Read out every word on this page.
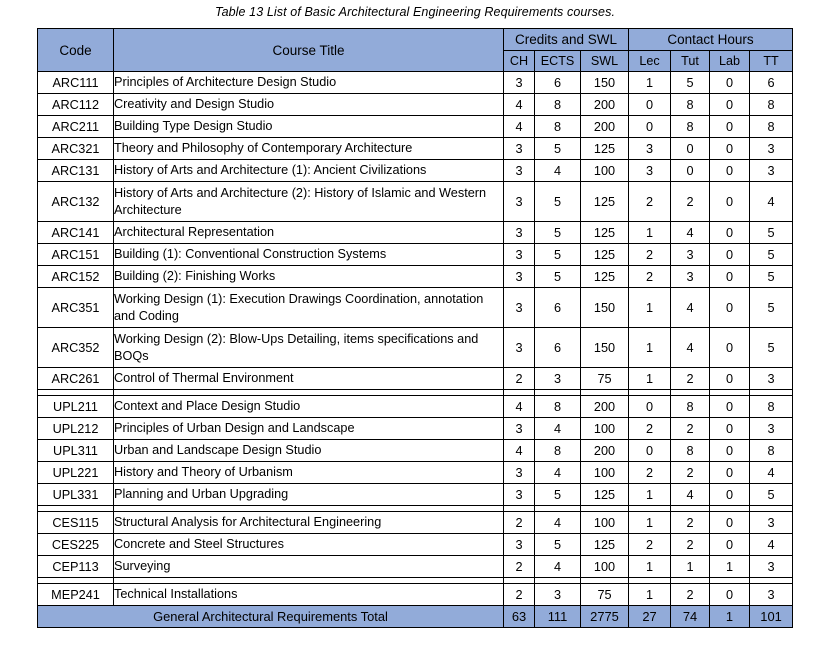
Table 13 List of Basic Architectural Engineering Requirements courses.
Code	Course Title	Credits and SWL			Contact Hours			
		CH	ECTS	SWL	Lec	Tut	Lab	TT
ARC111	Principles of Architecture Design Studio	3	6	150	1	5	0	6
ARC112	Creativity and Design Studio	4	8	200	0	8	0	8
ARC211	Building Type Design Studio	4	8	200	0	8	0	8
ARC321	Theory and Philosophy of Contemporary Architecture	3	5	125	3	0	0	3
ARC131	History of Arts and Architecture (1): Ancient Civilizations	3	4	100	3	0	0	3
ARC132	History of Arts and Architecture (2): History of Islamic and Western Architecture	3	5	125	2	2	0	4
ARC141	Architectural Representation	3	5	125	1	4	0	5
ARC151	Building (1): Conventional Construction Systems	3	5	125	2	3	0	5
ARC152	Building (2): Finishing Works	3	5	125	2	3	0	5
ARC351	Working Design (1): Execution Drawings Coordination, annotation and Coding	3	6	150	1	4	0	5
ARC352	Working Design (2): Blow-Ups Detailing, items specifications and BOQs	3	6	150	1	4	0	5
ARC261	Control of Thermal Environment	2	3	75	1	2	0	3

UPL211	Context and Place Design Studio	4	8	200	0	8	0	8
UPL212	Principles of Urban Design and Landscape	3	4	100	2	2	0	3
UPL311	Urban and Landscape Design Studio	4	8	200	0	8	0	8
UPL221	History and Theory of Urbanism	3	4	100	2	2	0	4
UPL331	Planning and Urban Upgrading	3	5	125	1	4	0	5

CES115	Structural Analysis for Architectural Engineering	2	4	100	1	2	0	3
CES225	Concrete and Steel Structures	3	5	125	2	2	0	4
CEP113	Surveying	2	4	100	1	1	1	3

MEP241	Technical Installations	2	3	75	1	2	0	3
General Architectural Requirements Total		63	111	2775	27	74	1	101
